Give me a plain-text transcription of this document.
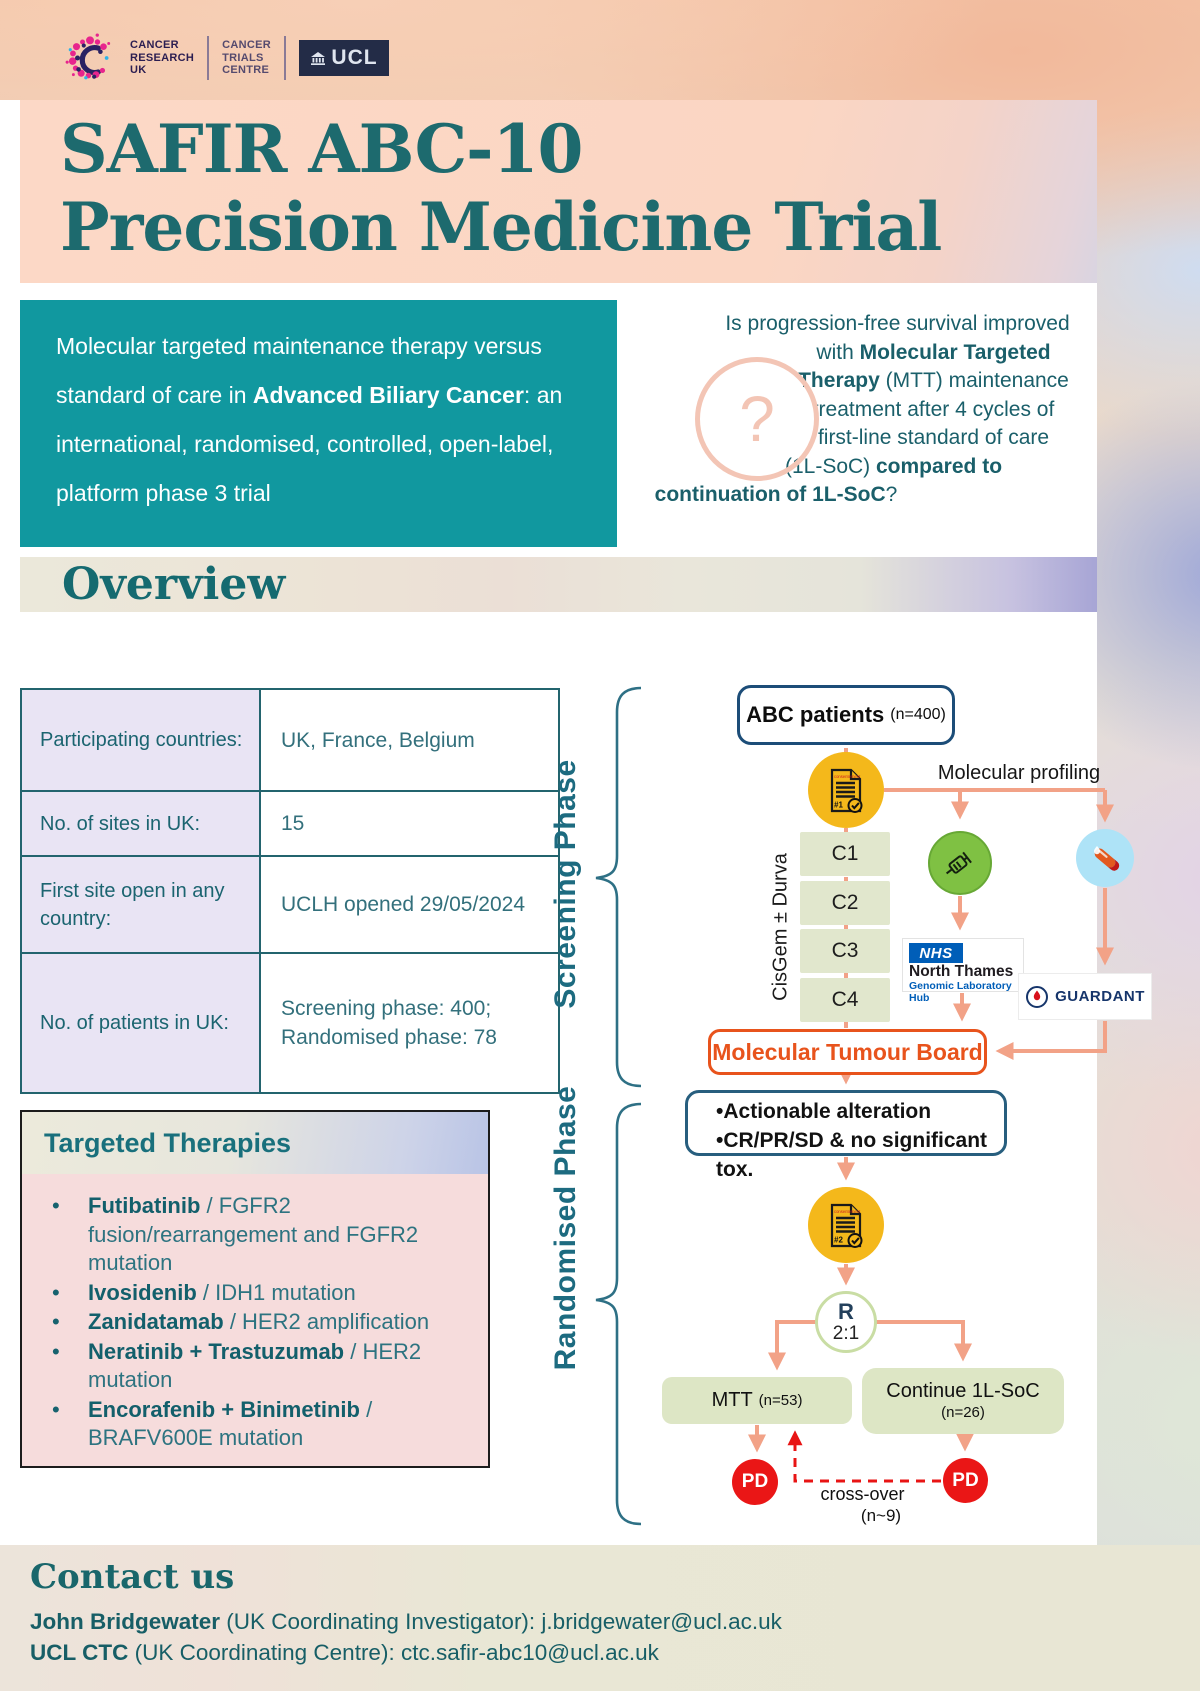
CANCER
RESEARCH
UK
CANCER
TRIALS
CENTRE
UCL
SAFIR ABC-10
Precision Medicine Trial
Molecular targeted maintenance therapy versus standard of care in Advanced Biliary Cancer: an international, randomised, controlled, open-label, platform phase 3 trial
?
Is progression-free survival improved
with Molecular Targeted
Therapy (MTT) maintenance
treatment after 4 cycles of
first-line standard of care
(1L-SoC) compared to
continuation of 1L-SoC?
Overview
Participating countries:	UK, France, Belgium
No. of sites in UK:	15
First site open in any country:	UCLH opened 29/05/2024
No. of patients in UK:	Screening phase: 400; Randomised phase: 78
Targeted Therapies
•	Futibatinib / FGFR2 fusion/rearrangement and FGFR2 mutation
•	Ivosidenib / IDH1 mutation
•	Zanidatamab / HER2 amplification
•	Neratinib + Trastuzumab / HER2 mutation
•	Encorafenib + Binimetinib / BRAFV600E mutation
Screening Phase
Randomised Phase
CisGem ± Durva
ABC patients (n=400)
Molecular profiling
consentement
#1
C1
C2
C3
C4
NHS
North Thames
Genomic Laboratory Hub	GUARDANT
Molecular Tumour Board
•Actionable alteration
•CR/PR/SD & no significant tox.
consentement
#2
R
2:1
MTT (n=53)	Continue 1L-SoC
(n=26)
PD	PD
cross-over
(n~9)
Contact us
John Bridgewater (UK Coordinating Investigator): j.bridgewater@ucl.ac.uk
UCL CTC (UK Coordinating Centre): ctc.safir-abc10@ucl.ac.uk
